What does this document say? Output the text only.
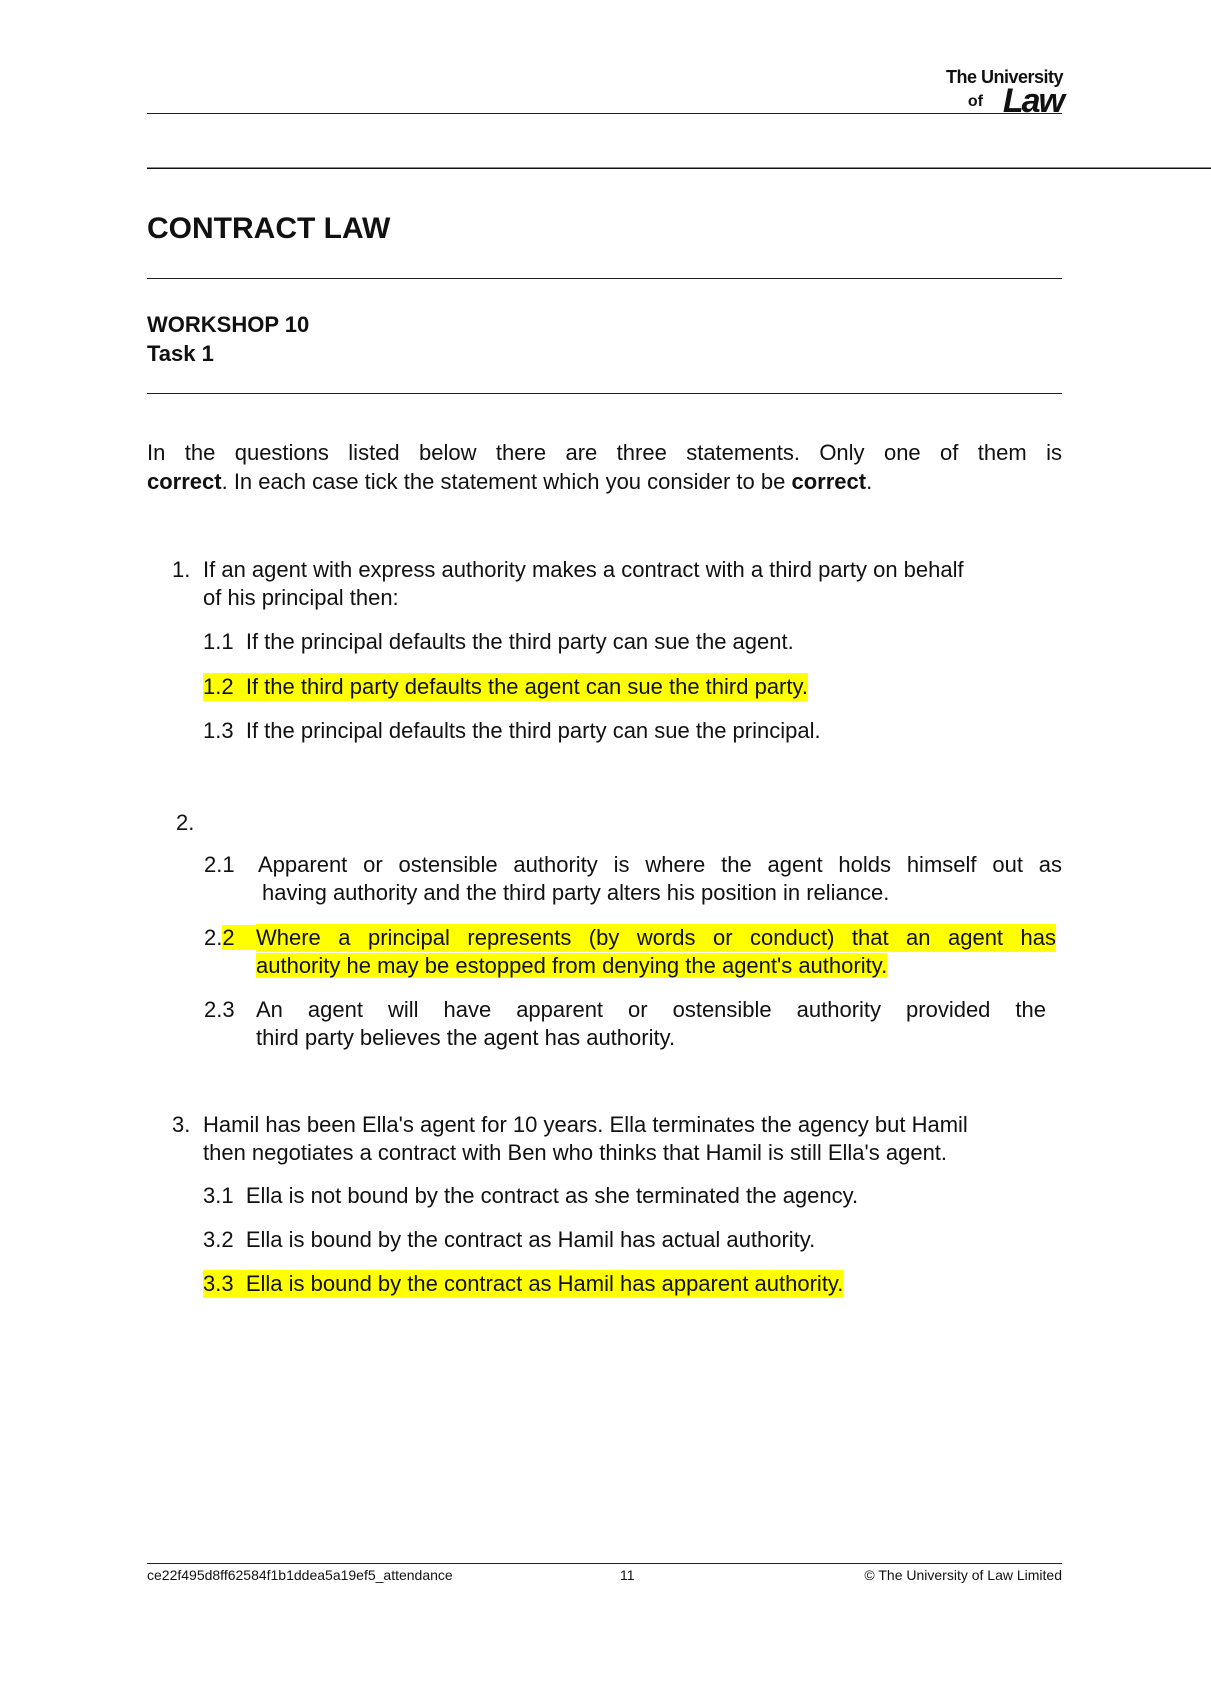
The University
of Law
————————————————————————————————————————————————————————
CONTRACT LAW
WORKSHOP 10
Task 1
In the questions listed below there are three statements. Only one of them is
correct. In each case tick the statement which you consider to be correct.
1. If an agent with express authority makes a contract with a third party on behalf
of his principal then:
1.1 If the principal defaults the third party can sue the agent.
1.2 If the third party defaults the agent can sue the third party.
1.3 If the principal defaults the third party can sue the principal.
2.
2.1 Apparent or ostensible authority is where the agent holds himself out as
having authority and the third party alters his position in reliance.
2.2 Where a principal represents (by words or conduct) that an agent has
authority he may be estopped from denying the agent's authority.
2.3 An agent will have apparent or ostensible authority provided the
third party believes the agent has authority.
3. Hamil has been Ella's agent for 10 years. Ella terminates the agency but Hamil
then negotiates a contract with Ben who thinks that Hamil is still Ella's agent.
3.1 Ella is not bound by the contract as she terminated the agency.
3.2 Ella is bound by the contract as Hamil has actual authority.
3.3 Ella is bound by the contract as Hamil has apparent authority.
ce22f495d8ff62584f1b1ddea5a19ef5_attendance	11	© The University of Law Limited
